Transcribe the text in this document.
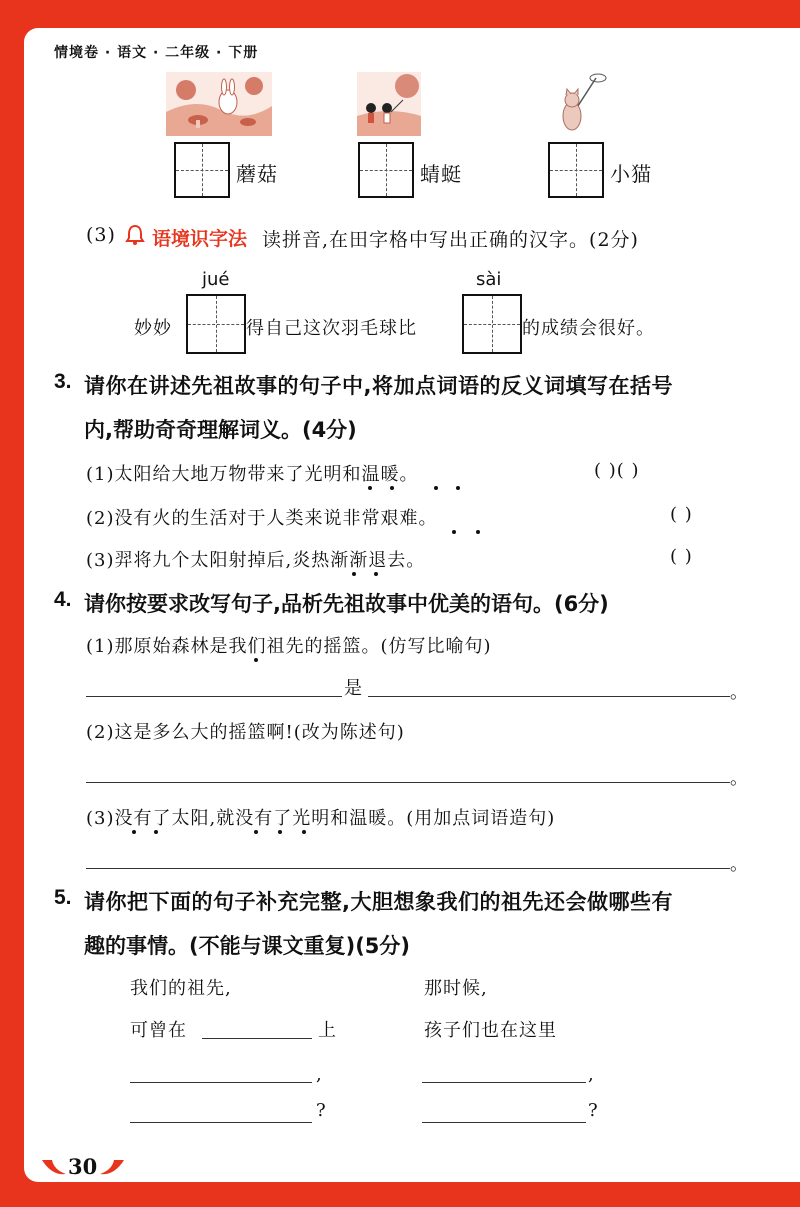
情境卷 · 语文 · 二年级 · 下册
蘑菇	蜻蜓	小猫
(3) 语境识字法 读拼音,在田字格中写出正确的汉字。(2分)
jué	sài
妙妙	得自己这次羽毛球比	的成绩会很好。
3. 请你在讲述先祖故事的句子中,将加点词语的反义词填写在括号
内,帮助奇奇理解词义。(4分)
(1)太阳给大地万物带来了光明和温暖。	( )( )
(2)没有火的生活对于人类来说非常艰难。	( )
(3)羿将九个太阳射掉后,炎热渐渐退去。	( )
4. 请你按要求改写句子,品析先祖故事中优美的语句。(6分)
(1)那原始森林是我们祖先的摇篮。(仿写比喻句)
是	。
(2)这是多么大的摇篮啊!(改为陈述句)
。
(3)没有了太阳,就没有了光明和温暖。(用加点词语造句)
。
5. 请你把下面的句子补充完整,大胆想象我们的祖先还会做哪些有
趣的事情。(不能与课文重复)(5分)
我们的祖先,
可曾在	上
,
?
那时候,
孩子们也在这里
,
?
30
